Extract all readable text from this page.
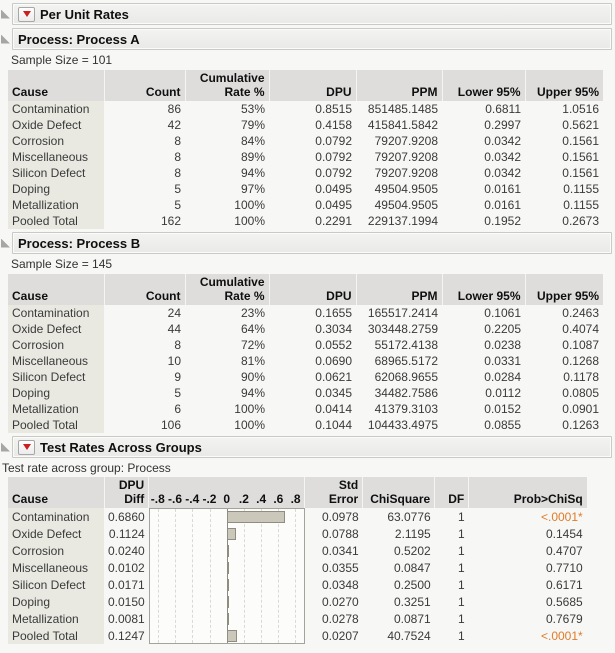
Per Unit Rates
Process: Process A
Sample Size = 101
Cause	Count	Cumulative
Rate %	DPU	PPM	Lower 95%	Upper 95%
Contamination	86	53%	0.8515	851485.1485	0.6811	1.0516
Oxide Defect	42	79%	0.4158	415841.5842	0.2997	0.5621
Corrosion	8	84%	0.0792	79207.9208	0.0342	0.1561
Miscellaneous	8	89%	0.0792	79207.9208	0.0342	0.1561
Silicon Defect	8	94%	0.0792	79207.9208	0.0342	0.1561
Doping	5	97%	0.0495	49504.9505	0.0161	0.1155
Metallization	5	100%	0.0495	49504.9505	0.0161	0.1155
Pooled Total	162	100%	0.2291	229137.1994	0.1952	0.2673
Process: Process B
Sample Size = 145
Cause	Count	Cumulative
Rate %	DPU	PPM	Lower 95%	Upper 95%
Contamination	24	23%	0.1655	165517.2414	0.1061	0.2463
Oxide Defect	44	64%	0.3034	303448.2759	0.2205	0.4074
Corrosion	8	72%	0.0552	55172.4138	0.0238	0.1087
Miscellaneous	10	81%	0.0690	68965.5172	0.0331	0.1268
Silicon Defect	9	90%	0.0621	62068.9655	0.0284	0.1178
Doping	5	94%	0.0345	34482.7586	0.0112	0.0805
Metallization	6	100%	0.0414	41379.3103	0.0152	0.0901
Pooled Total	106	100%	0.1044	104433.4975	0.0855	0.1263
Test Rates Across Groups
Test rate across group: Process
Cause	DPU Diff	-.8 -.6 -.4 -.2 0 .2 .4 .6 .8
	Std Error	ChiSquare	DF	Prob>ChiSq
Contamination	0.6860		0.0978	63.0776	1	<.0001*
Oxide Defect	0.1124		0.0788	2.1195	1	0.1454
Corrosion	0.0240		0.0341	0.5202	1	0.4707
Miscellaneous	0.0102		0.0355	0.0847	1	0.7710
Silicon Defect	0.0171		0.0348	0.2500	1	0.6171
Doping	0.0150		0.0270	0.3251	1	0.5685
Metallization	0.0081		0.0278	0.0871	1	0.7679
Pooled Total	0.1247		0.0207	40.7524	1	<.0001*
